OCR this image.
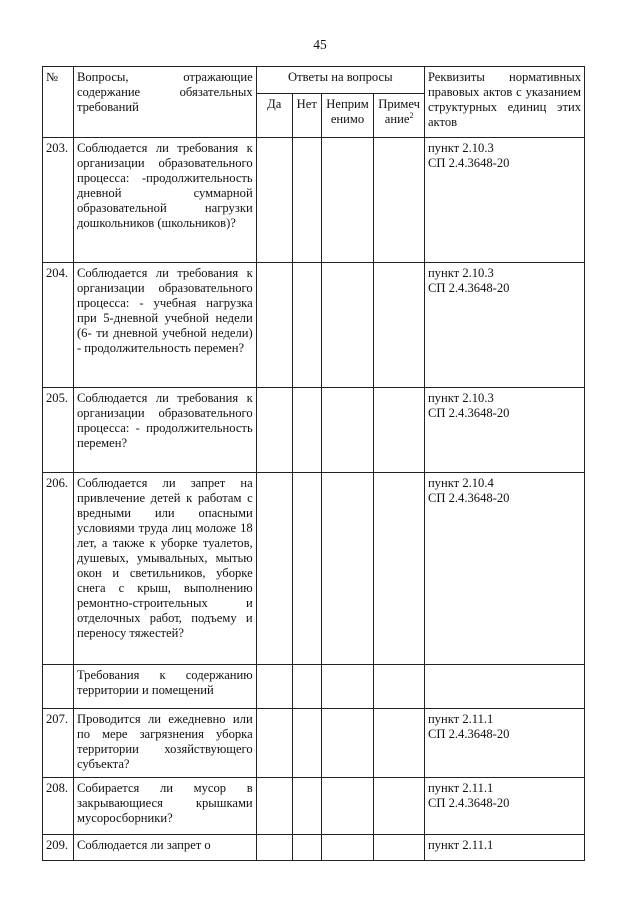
45
№	Вопросы, отражающие содержание обязательных требований	Ответы на вопросы				Реквизиты нормативных правовых актов с указанием структурных единиц этих актов
		Да	Нет	Неприм енимо	Примеч ание$^2$
203.	Соблюдается ли требования к организации образовательного процесса: -продолжительность дневной суммарной образовательной нагрузки дошкольников (школьников)?					пункт 2.10.3
СП 2.4.3648-20

204.	Соблюдается ли требования к организации образовательного процесса: - учебная нагрузка при 5-дневной учебной недели (6- ти дневной учебной недели) - продолжительность перемен?					пункт 2.10.3
СП 2.4.3648-20

205.	Соблюдается ли требования к организации образовательного процесса: - продолжительность перемен?					пункт 2.10.3
СП 2.4.3648-20

206.	Соблюдается ли запрет на привлечение детей к работам с вредными или опасными условиями труда лиц моложе 18 лет, а также к уборке туалетов, душевых, умывальных, мытью окон и светильников, уборке снега с крыш, выполнению ремонтно-строительных и отделочных работ, подъему и переносу тяжестей?					пункт 2.10.4
СП 2.4.3648-20

	Требования к содержанию территории и помещений					

207.	Проводится ли ежедневно или по мере загрязнения уборка территории хозяйствующего субъекта?					пункт 2.11.1
СП 2.4.3648-20

208.	Собирается ли мусор в закрывающиеся крышками мусоросборники?					пункт 2.11.1
СП 2.4.3648-20

209.	Соблюдается ли запрет о					пункт 2.11.1
